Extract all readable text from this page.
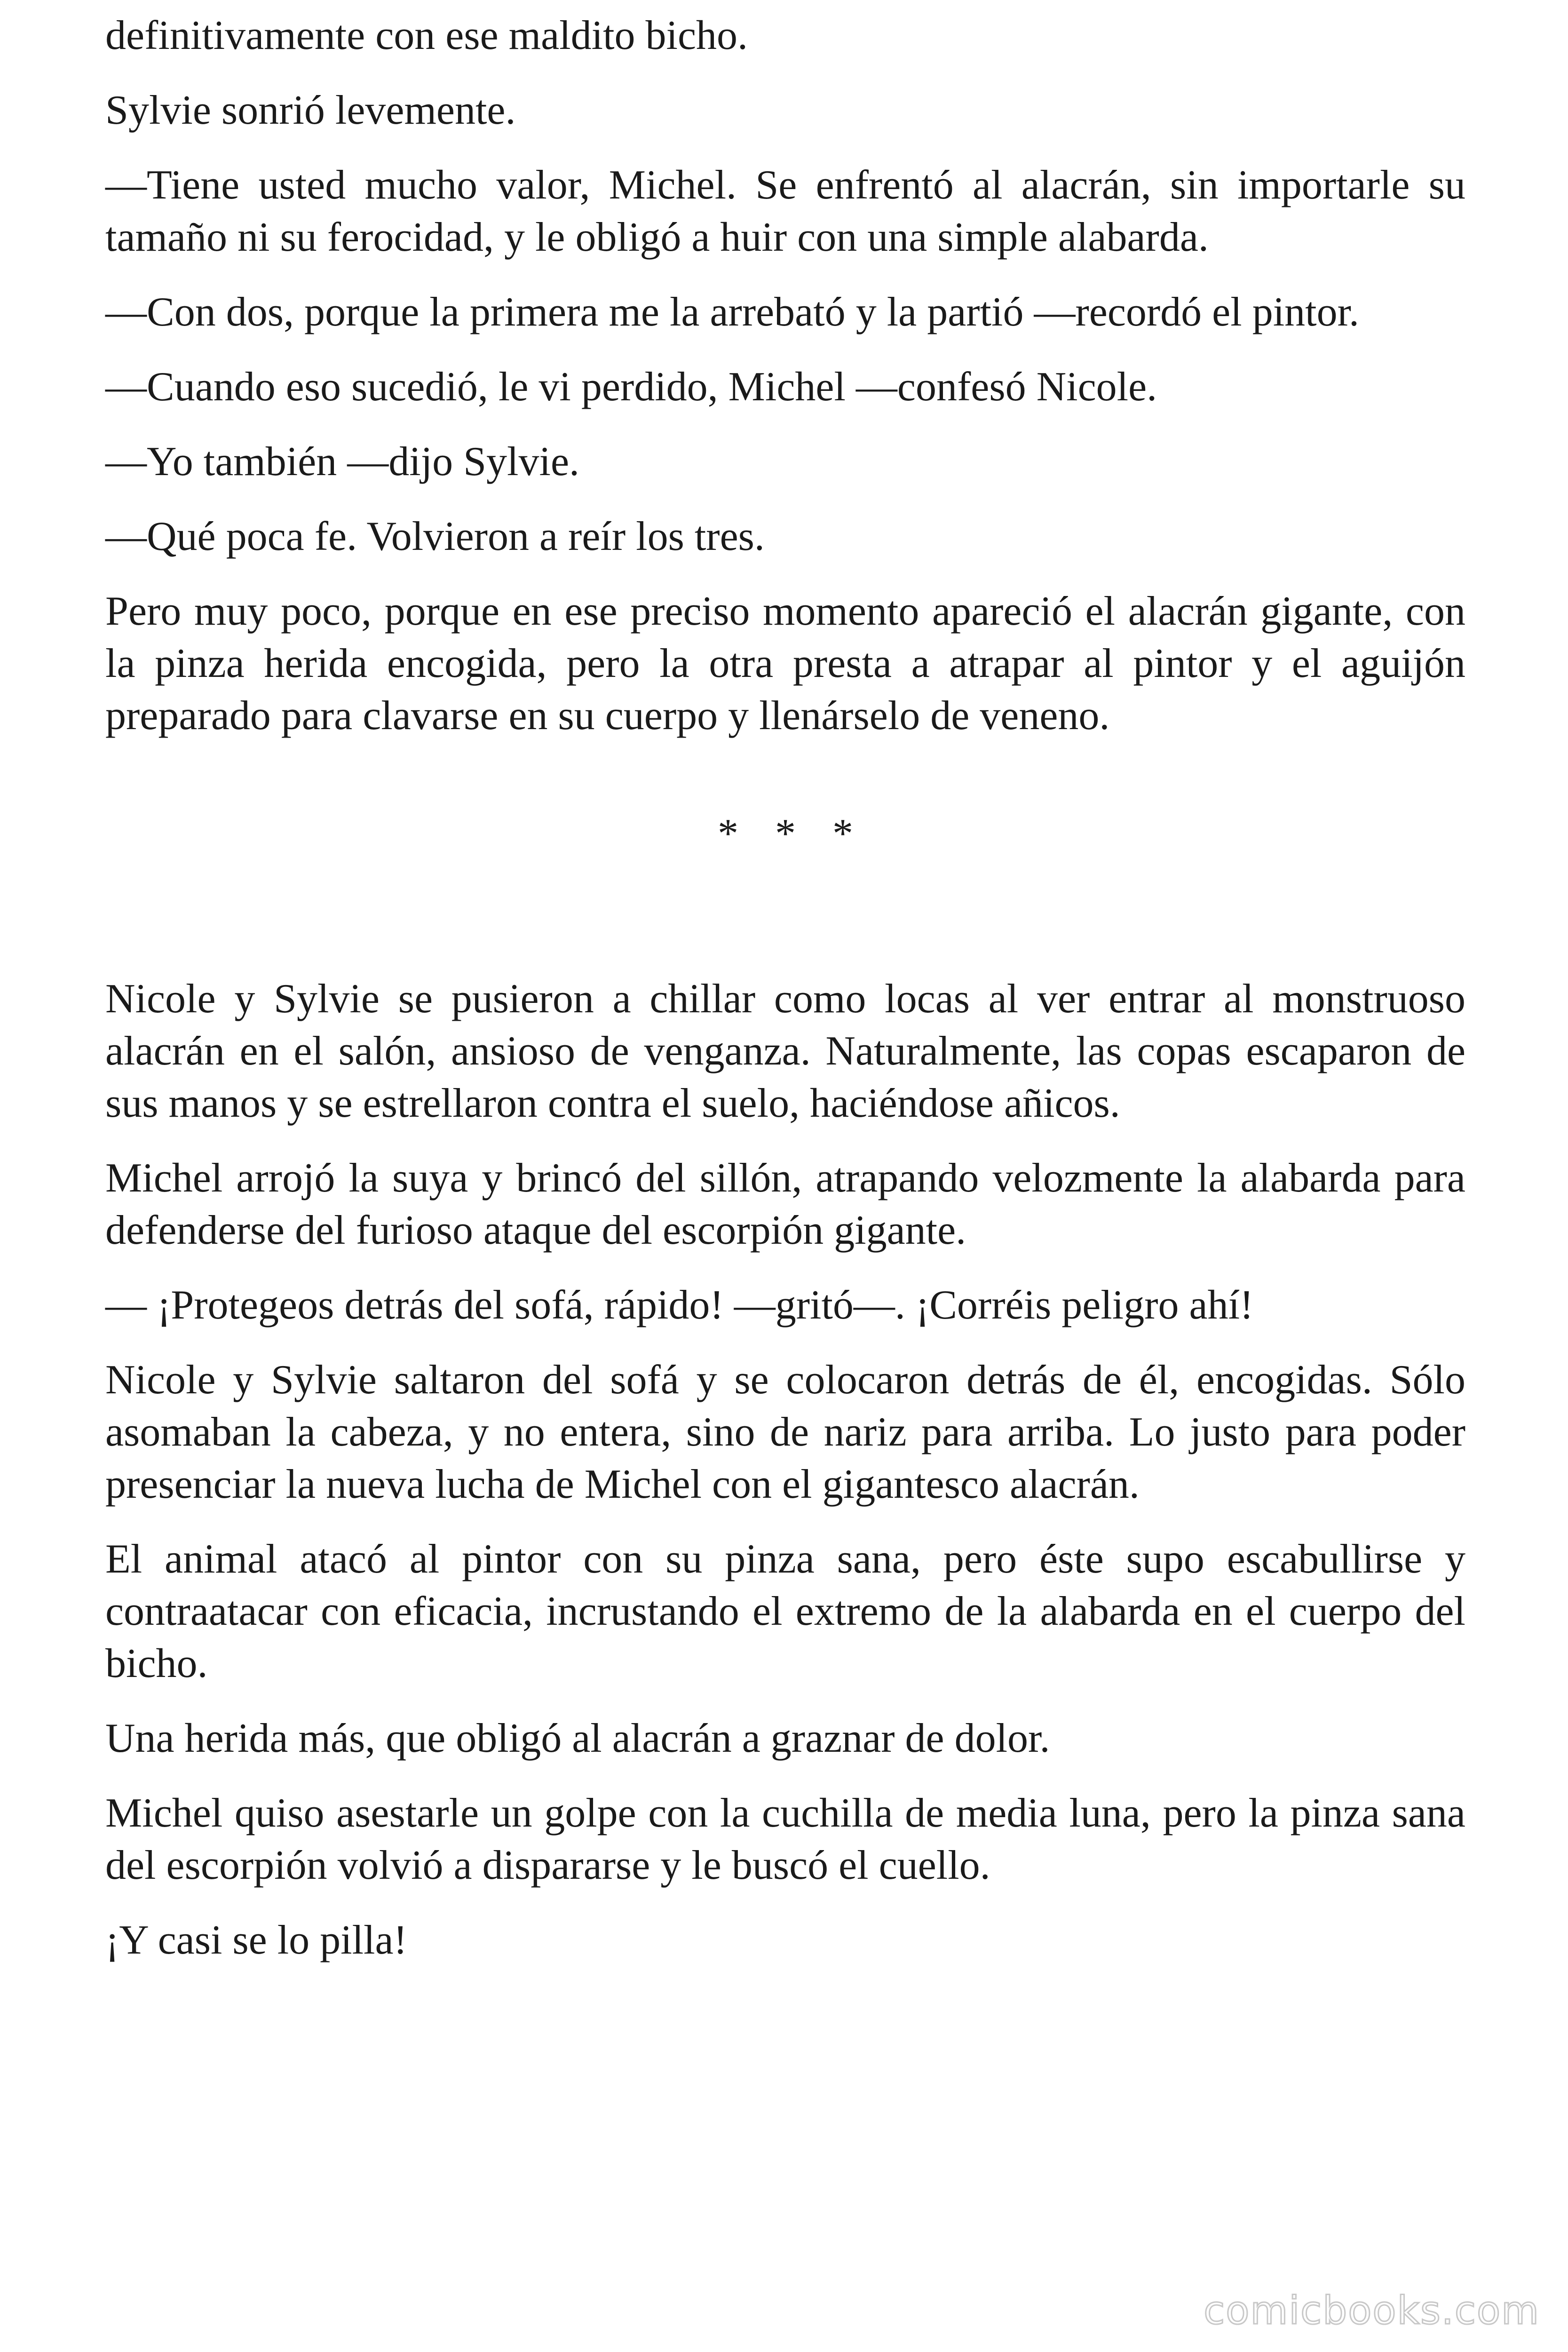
definitivamente con ese maldito bicho.

Sylvie sonrió levemente.

—Tiene usted mucho valor, Michel. Se enfrentó al alacrán, sin importarle su tamaño ni su ferocidad, y le obligó a huir con una simple alabarda.

—Con dos, porque la primera me la arrebató y la partió —recordó el pintor.

—Cuando eso sucedió, le vi perdido, Michel —confesó Nicole.

—Yo también —dijo Sylvie.

—Qué poca fe. Volvieron a reír los tres.

Pero muy poco, porque en ese preciso momento apareció el alacrán gigante, con la pinza herida encogida, pero la otra presta a atrapar al pintor y el aguijón preparado para clavarse en su cuerpo y llenárselo de veneno.

* * *

Nicole y Sylvie se pusieron a chillar como locas al ver entrar al monstruoso alacrán en el salón, ansioso de venganza. Naturalmente, las copas escaparon de sus manos y se estrellaron contra el suelo, haciéndose añicos.

Michel arrojó la suya y brincó del sillón, atrapando velozmente la alabarda para defenderse del furioso ataque del escorpión gigante.

— ¡Protegeos detrás del sofá, rápido! —gritó—. ¡Corréis peligro ahí!

Nicole y Sylvie saltaron del sofá y se colocaron detrás de él, encogidas. Sólo asomaban la cabeza, y no entera, sino de nariz para arriba. Lo justo para poder presenciar la nueva lucha de Michel con el gigantesco alacrán.

El animal atacó al pintor con su pinza sana, pero éste supo escabullirse y contraatacar con eficacia, incrustando el extremo de la alabarda en el cuerpo del bicho.

Una herida más, que obligó al alacrán a graznar de dolor.

Michel quiso asestarle un golpe con la cuchilla de media luna, pero la pinza sana del escorpión volvió a dispararse y le buscó el cuello.

¡Y casi se lo pilla!

comicbooks.com
